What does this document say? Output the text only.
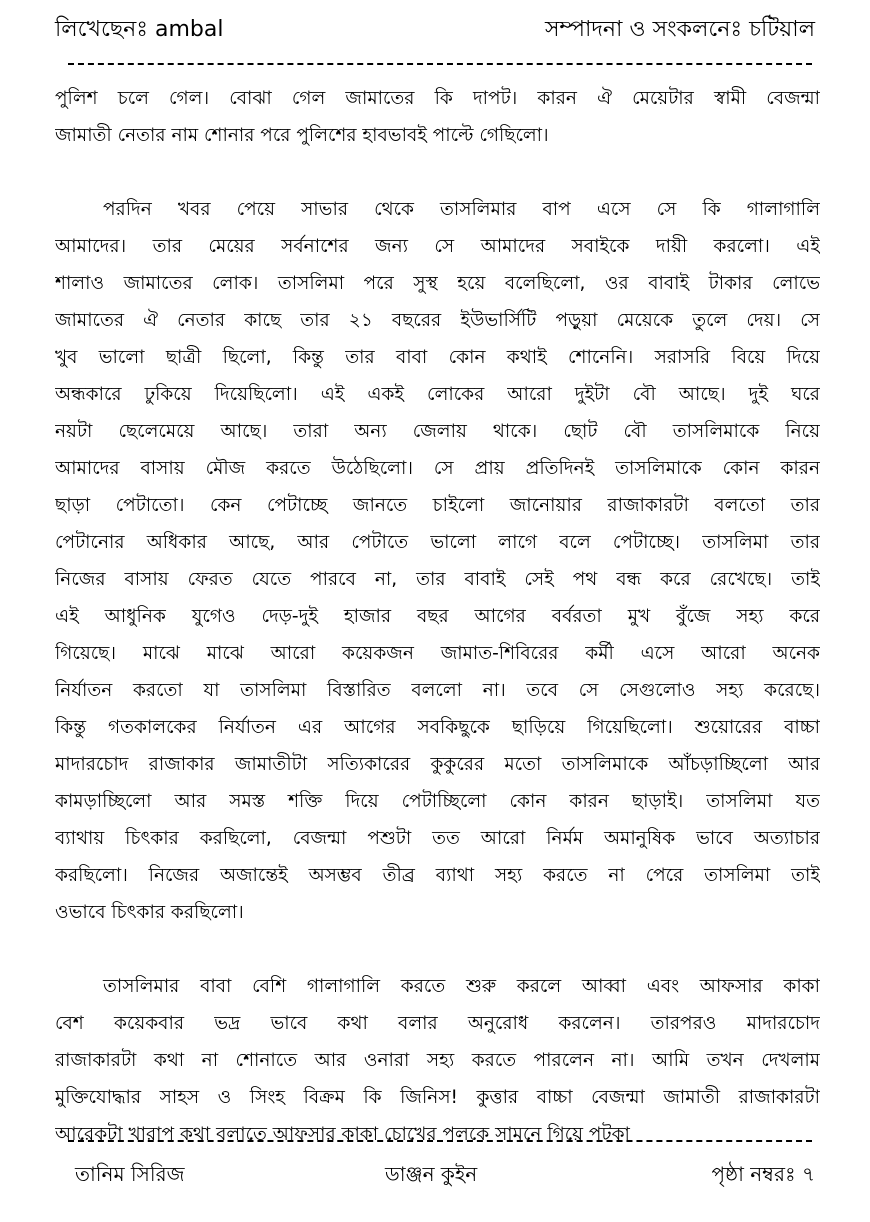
লিখেছেনঃ ambal	সম্পাদনা ও সংকলনেঃ চটিয়াল
পুলিশ চলে গেল। বোঝা গেল জামাতের কি দাপট। কারন ঐ মেয়েটার স্বামী বেজন্মা
জামাতী নেতার নাম শোনার পরে পুলিশের হাবভাবই পাল্টে গেছিলো।
পরদিন খবর পেয়ে সাভার থেকে তাসলিমার বাপ এসে সে কি গালাগালি
আমাদের। তার মেয়ের সর্বনাশের জন্য সে আমাদের সবাইকে দায়ী করলো। এই
শালাও জামাতের লোক। তাসলিমা পরে সুস্থ হয়ে বলেছিলো, ওর বাবাই টাকার লোভে
জামাতের ঐ নেতার কাছে তার ২১ বছরের ইউভার্সিটি পড়ুয়া মেয়েকে তুলে দেয়। সে
খুব ভালো ছাত্রী ছিলো, কিন্তু তার বাবা কোন কথাই শোনেনি। সরাসরি বিয়ে দিয়ে
অন্ধকারে ঢুকিয়ে দিয়েছিলো। এই একই লোকের আরো দুইটা বৌ আছে। দুই ঘরে
নয়টা ছেলেমেয়ে আছে। তারা অন্য জেলায় থাকে। ছোট বৌ তাসলিমাকে নিয়ে
আমাদের বাসায় মৌজ করতে উঠেছিলো। সে প্রায় প্রতিদিনই তাসলিমাকে কোন কারন
ছাড়া পেটাতো। কেন পেটাচ্ছে জানতে চাইলো জানোয়ার রাজাকারটা বলতো তার
পেটানোর অধিকার আছে, আর পেটাতে ভালো লাগে বলে পেটাচ্ছে। তাসলিমা তার
নিজের বাসায় ফেরত যেতে পারবে না, তার বাবাই সেই পথ বন্ধ করে রেখেছে। তাই
এই আধুনিক যুগেও দেড়-দুই হাজার বছর আগের বর্বরতা মুখ বুঁজে সহ্য করে
গিয়েছে। মাঝে মাঝে আরো কয়েকজন জামাত-শিবিরের কর্মী এসে আরো অনেক
নির্যাতন করতো যা তাসলিমা বিস্তারিত বললো না। তবে সে সেগুলোও সহ্য করেছে।
কিন্তু গতকালকের নির্যাতন এর আগের সবকিছুকে ছাড়িয়ে গিয়েছিলো। শুয়োরের বাচ্চা
মাদারচোদ রাজাকার জামাতীটা সত্যিকারের কুকুরের মতো তাসলিমাকে আঁচড়াচ্ছিলো আর
কামড়াচ্ছিলো আর সমস্ত শক্তি দিয়ে পেটাচ্ছিলো কোন কারন ছাড়াই। তাসলিমা যত
ব্যাথায় চিৎকার করছিলো, বেজন্মা পশুটা তত আরো নির্মম অমানুষিক ভাবে অত্যাচার
করছিলো। নিজের অজান্তেই অসম্ভব তীব্র ব্যাথা সহ্য করতে না পেরে তাসলিমা তাই
ওভাবে চিৎকার করছিলো।
তাসলিমার বাবা বেশি গালাগালি করতে শুরু করলে আব্বা এবং আফসার কাকা
বেশ কয়েকবার ভদ্র ভাবে কথা বলার অনুরোধ করলেন। তারপরও মাদারচোদ
রাজাকারটা কথা না শোনাতে আর ওনারা সহ্য করতে পারলেন না। আমি তখন দেখলাম
মুক্তিযোদ্ধার সাহস ও সিংহ বিক্রম কি জিনিস! কুত্তার বাচ্চা বেজন্মা জামাতী রাজাকারটা
আরেকটা খারাপ কথা বলাতে আফসার কাকা চোখের পলকে সামনে গিয়ে পটকা
তানিম সিরিজ	ডাঞ্জন কুইন	পৃষ্ঠা নম্বরঃ ৭
